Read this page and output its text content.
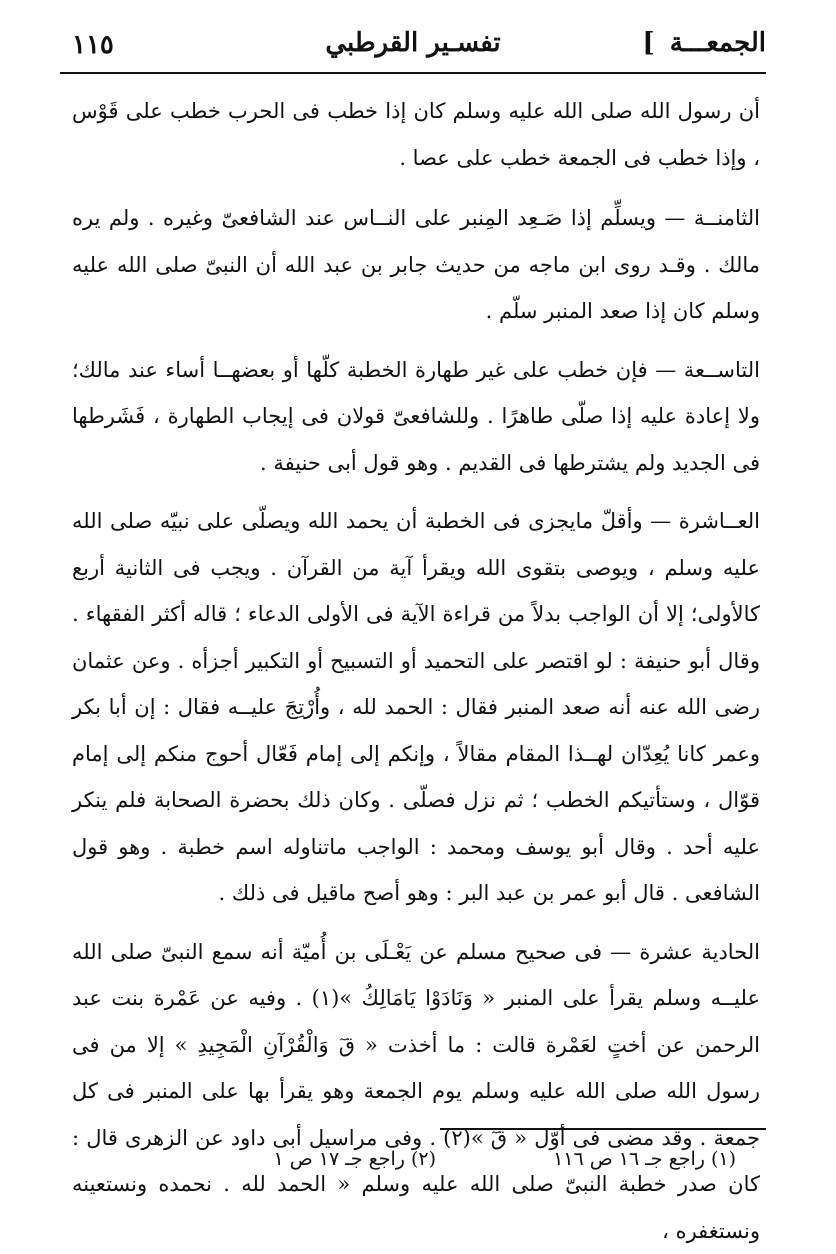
الجمعـــة ]
تفسـير القرطبي
١١٥

أن رسول الله صلى الله عليه وسلم كان إذا خطب فى الحرب خطب على قَوْس ، وإذا خطب فى الجمعة خطب على عصا .

الثامنــة — ويسلِّم إذا صَـعِد المِنبر على النــاس عند الشافعىّ وغيره . ولم يره مالك . وقـد روى ابن ماجه من حديث جابر بن عبد الله أن النبىّ صلى الله عليه وسلم كان إذا صعد المنبر سلّم .

التاســعة — فإن خطب على غير طهارة الخطبة كلّها أو بعضهــا أساء عند مالك؛ ولا إعادة عليه إذا صلّى طاهرًا . وللشافعىّ قولان فى إيجاب الطهارة ، فَشَرطها فى الجديد ولم يشترطها فى القديم . وهو قول أبى حنيفة .

العــاشرة — وأقلّ مايجزى فى الخطبة أن يحمد الله ويصلّى على نبيّه صلى الله عليه وسلم ، ويوصى بتقوى الله ويقرأ آية من القرآن . ويجب فى الثانية أربع كالأولى؛ إلا أن الواجب بدلاً من قراءة الآية فى الأولى الدعاء ؛ قاله أكثر الفقهاء . وقال أبو حنيفة : لو اقتصر على التحميد أو التسبيح أو التكبير أجزأه . وعن عثمان رضى الله عنه أنه صعد المنبر فقال : الحمد لله ، وأُرْتِجَ عليــه فقال : إن أبا بكر وعمر كانا يُعِدّان لهــذا المقام مقالاً ، وإنكم إلى إمام فَعّال أحوج منكم إلى إمام قوّال ، وستأتيكم الخطب ؛ ثم نزل فصلّى . وكان ذلك بحضرة الصحابة فلم ينكر عليه أحد . وقال أبو يوسف ومحمد : الواجب ماتناوله اسم خطبة . وهو قول الشافعى . قال أبو عمر بن عبد البر : وهو أصح ماقيل فى ذلك .

الحادية عشرة — فى صحيح مسلم عن يَعْـلَى بن أُميّة أنه سمع النبىّ صلى الله عليــه وسلم يقرأ على المنبر « وَنَادَوْا يَامَالِكُ »(١) . وفيه عن عَمْرة بنت عبد الرحمن عن أختٍ لعَمْرة قالت : ما أخذت « قٓ وَالْقُرْآنِ الْمَجِيدِ » إلا من فى رسول الله صلى الله عليه وسلم يوم الجمعة وهو يقرأ بها على المنبر فى كل جمعة . وقد مضى فى أوّل « قٓ »(٢) . وفى مراسيل أبى داود عن الزهرى قال : كان صدر خطبة النبىّ صلى الله عليه وسلم « الحمد لله . نحمده ونستعينه ونستغفره ،

(١) راجع جـ ١٦ ص ١١٦
(٢) راجع جـ ١٧ ص ١
